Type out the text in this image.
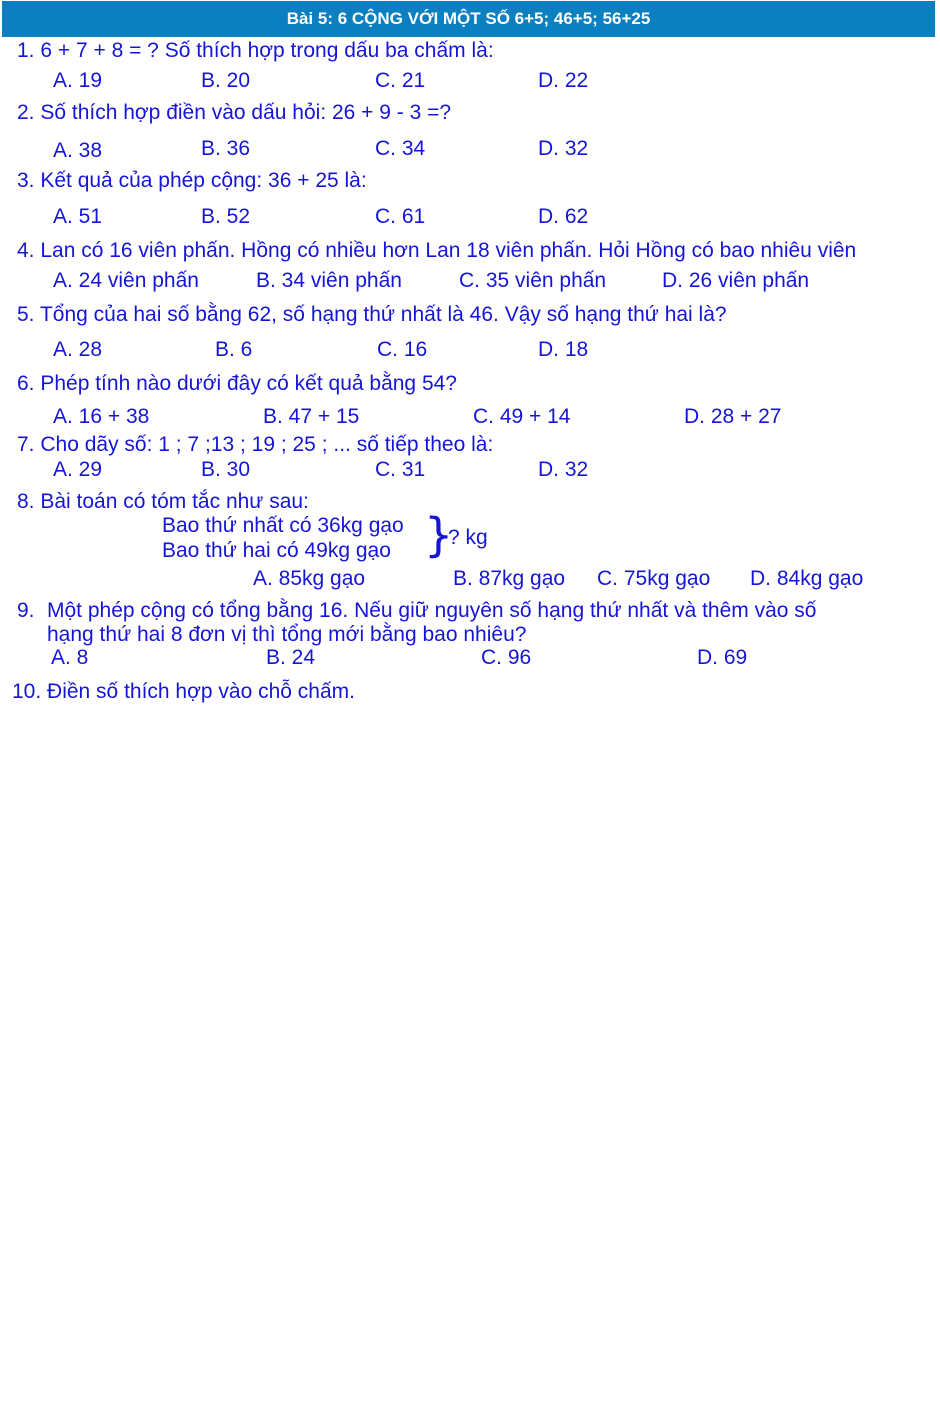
Bài 5: 6 CỘNG VỚI MỘT SỐ 6+5; 46+5; 56+25
1. 6 + 7 + 8 = ? Số thích hợp trong dấu ba chấm là:
A. 19	B. 20	C. 21	D. 22
2. Số thích hợp điền vào dấu hỏi: 26 + 9 - 3 =?
A. 38	B. 36	C. 34	D. 32
3. Kết quả của phép cộng: 36 + 25 là:
A. 51	B. 52	C. 61	D. 62
4. Lan có 16 viên phấn. Hồng có nhiều hơn Lan 18 viên phấn. Hỏi Hồng có bao nhiêu viên
A. 24 viên phấn	B. 34 viên phấn	C. 35 viên phấn	D. 26 viên phấn
5. Tổng của hai số bằng 62, số hạng thứ nhất là 46. Vậy số hạng thứ hai là?
A. 28	B. 6	C. 16	D. 18
6. Phép tính nào dưới đây có kết quả bằng 54?
A. 16 + 38	B. 47 + 15	C. 49 + 14	D. 28 + 27
7. Cho dãy số: 1 ; 7 ;13 ; 19 ; 25 ; ... số tiếp theo là:
A. 29	B. 30	C. 31	D. 32
8. Bài toán có tóm tắc như sau:
Bao thứ nhất có 36kg gạo
Bao thứ hai có 49kg gạo }
? kg
A. 85kg gạo	B. 87kg gạo C. 75kg gạo D. 84kg gạo
9. Một phép cộng có tổng bằng 16. Nếu giữ nguyên số hạng thứ nhất và thêm vào số
hạng thứ hai 8 đơn vị thì tổng mới bằng bao nhiêu?
A. 8	B. 24	C. 96	D. 69
10. Điền số thích hợp vào chỗ chấm.
